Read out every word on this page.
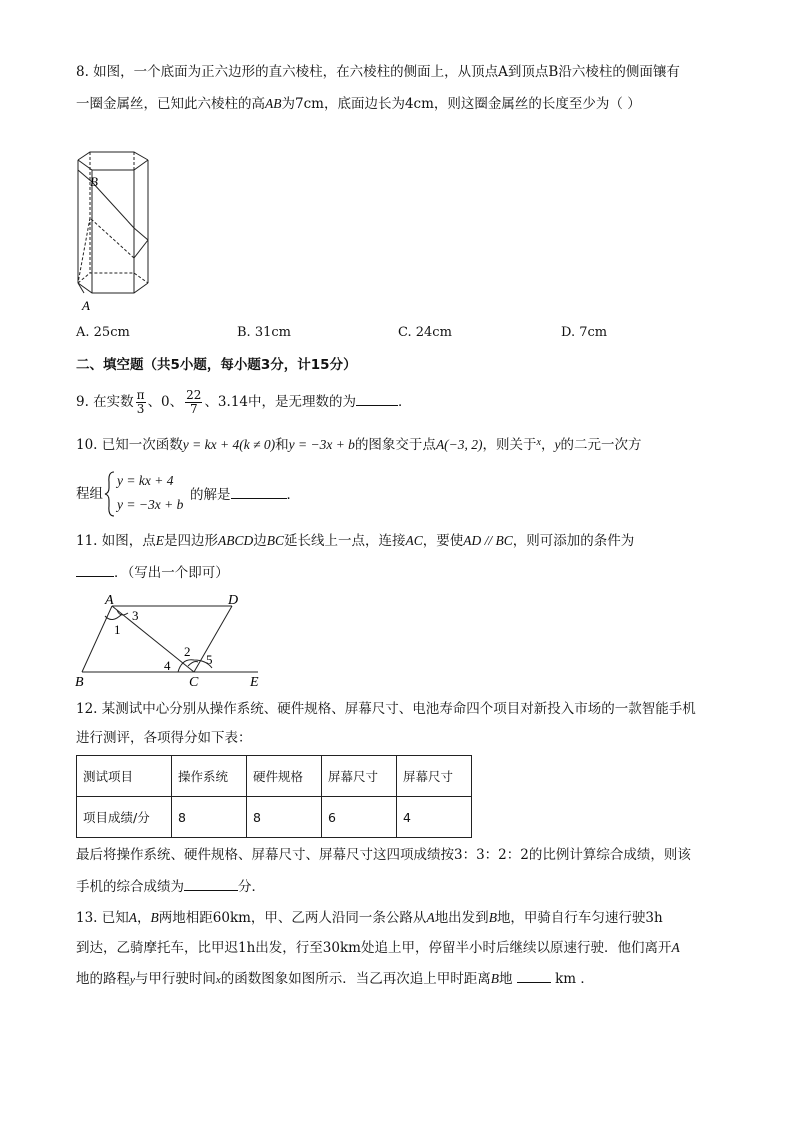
8. 如图，一个底面为正六边形的直六棱柱，在六棱柱的侧面上，从顶点A到顶点B沿六棱柱的侧面镶有
一圈金属丝，已知此六棱柱的高AB为7cm，底面边长为4cm，则这圈金属丝的长度至少为（ ）
B
A
A. 25cm	B. 31cm	C. 24cm	D. 7cm
二、填空题（共5小题，每小题3分，计15分）
9. 在实数 $\frac{\pi}{3}$ 、0、 $\frac{22}{7}$ 、3.14中，是无理数的为	．
10. 已知一次函数y = kx + 4(k ≠ 0)和y = −3x + b的图象交于点A(−3, 2)，则关于$^x$，y的二元一次方
程组
y = kx + 4
y = −3x + b
的解是	．
11. 如图，点E是四边形ABCD边BC延长线上一点，连接AC，要使AD // BC，则可添加的条件为
．（写出一个即可）
A	D
B	C	E
1
3
2
4	5
12. 某测试中心分别从操作系统、硬件规格、屏幕尺寸、电池寿命四个项目对新投入市场的一款智能手机
进行测评，各项得分如下表：
测试项目	操作系统	硬件规格	屏幕尺寸	屏幕尺寸
项目成绩/分	8	8	6	4
最后将操作系统、硬件规格、屏幕尺寸、屏幕尺寸这四项成绩按3：3：2：2的比例计算综合成绩，则该
手机的综合成绩为	分．
13. 已知A，B两地相距60km，甲、乙两人沿同一条公路从A地出发到B地，甲骑自行车匀速行驶3h
到达，乙骑摩托车，比甲迟1h出发，行至30km处追上甲，停留半小时后继续以原速行驶．他们离开A
地的路程y与甲行驶时间x的函数图象如图所示．当乙再次追上甲时距离B地	km ．
